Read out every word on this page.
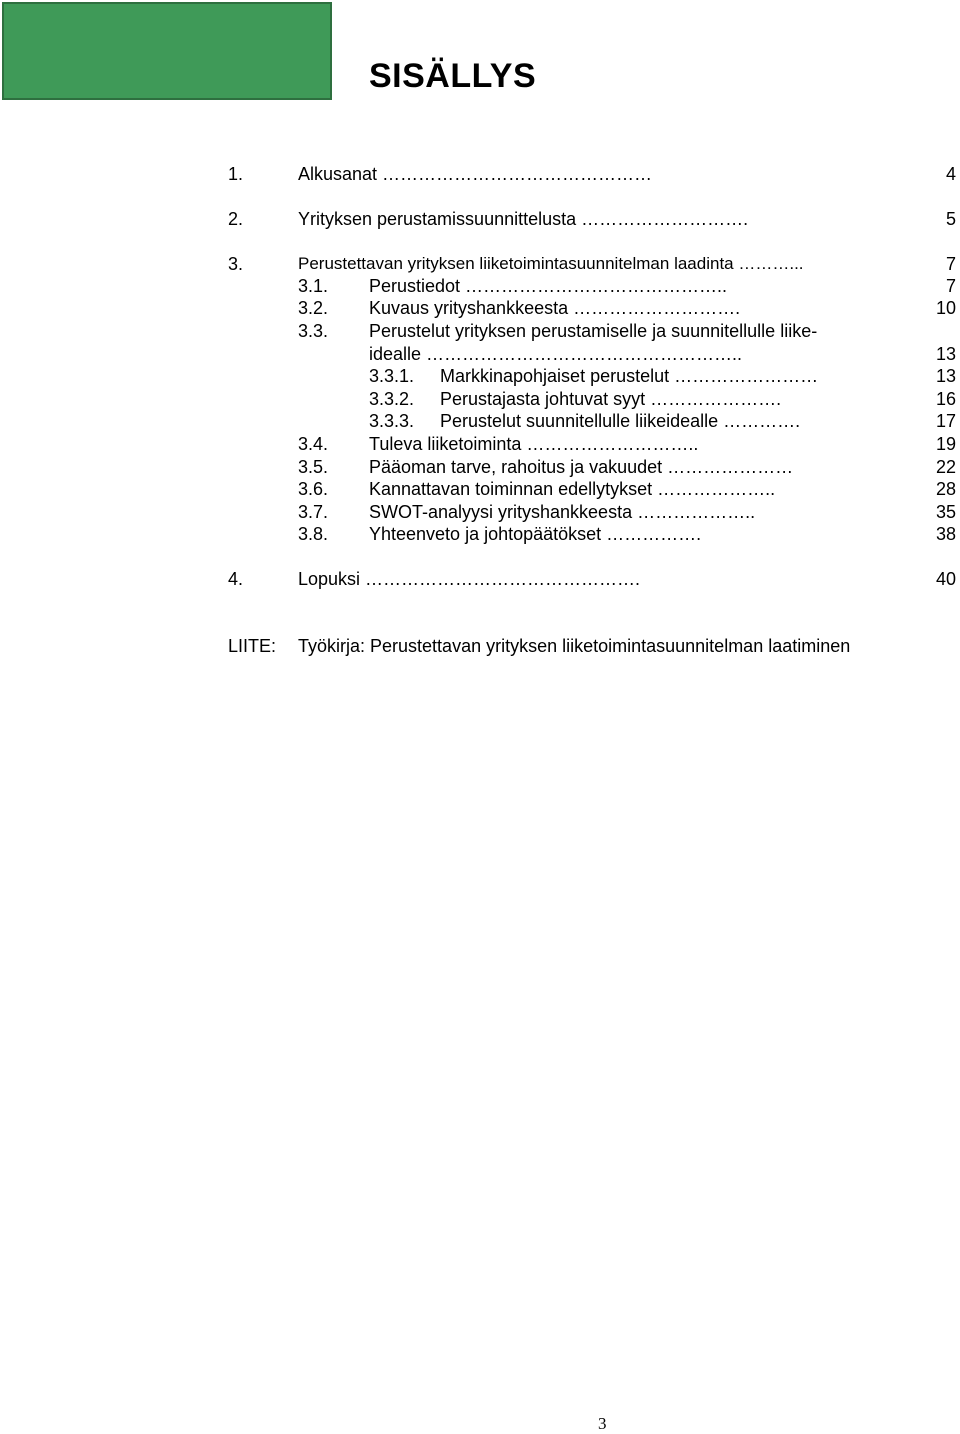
SISÄLLYS
1.	Alkusanat ………………………………………	4
2.	Yrityksen perustamissuunnittelusta ……………………….	5
3.	Perustettavan yrityksen liiketoimintasuunnitelman laadinta ………...	7
3.1. Perustiedot ……………………………………..	7
3.2. Kuvaus yrityshankkeesta ……………………….	10
3.3. Perustelut yrityksen perustamiselle ja suunnitellulle liike-
idealle ……………………………………………..	13
3.3.1. Markkinapohjaiset perustelut ……………………	13
3.3.2. Perustajasta johtuvat syyt ………………….	16
3.3.3. Perustelut suunnitellulle liikeidealle ………….	17
3.4. Tuleva liiketoiminta ………………………..	19
3.5. Pääoman tarve, rahoitus ja vakuudet …………………	22
3.6. Kannattavan toiminnan edellytykset ………………..	28
3.7. SWOT-analyysi yrityshankkeesta ………………..	35
3.8. Yhteenveto ja johtopäätökset …………….	38
4.	Lopuksi ……………………………………….	40
LIITE: Työkirja: Perustettavan yrityksen liiketoimintasuunnitelman laatiminen
3
